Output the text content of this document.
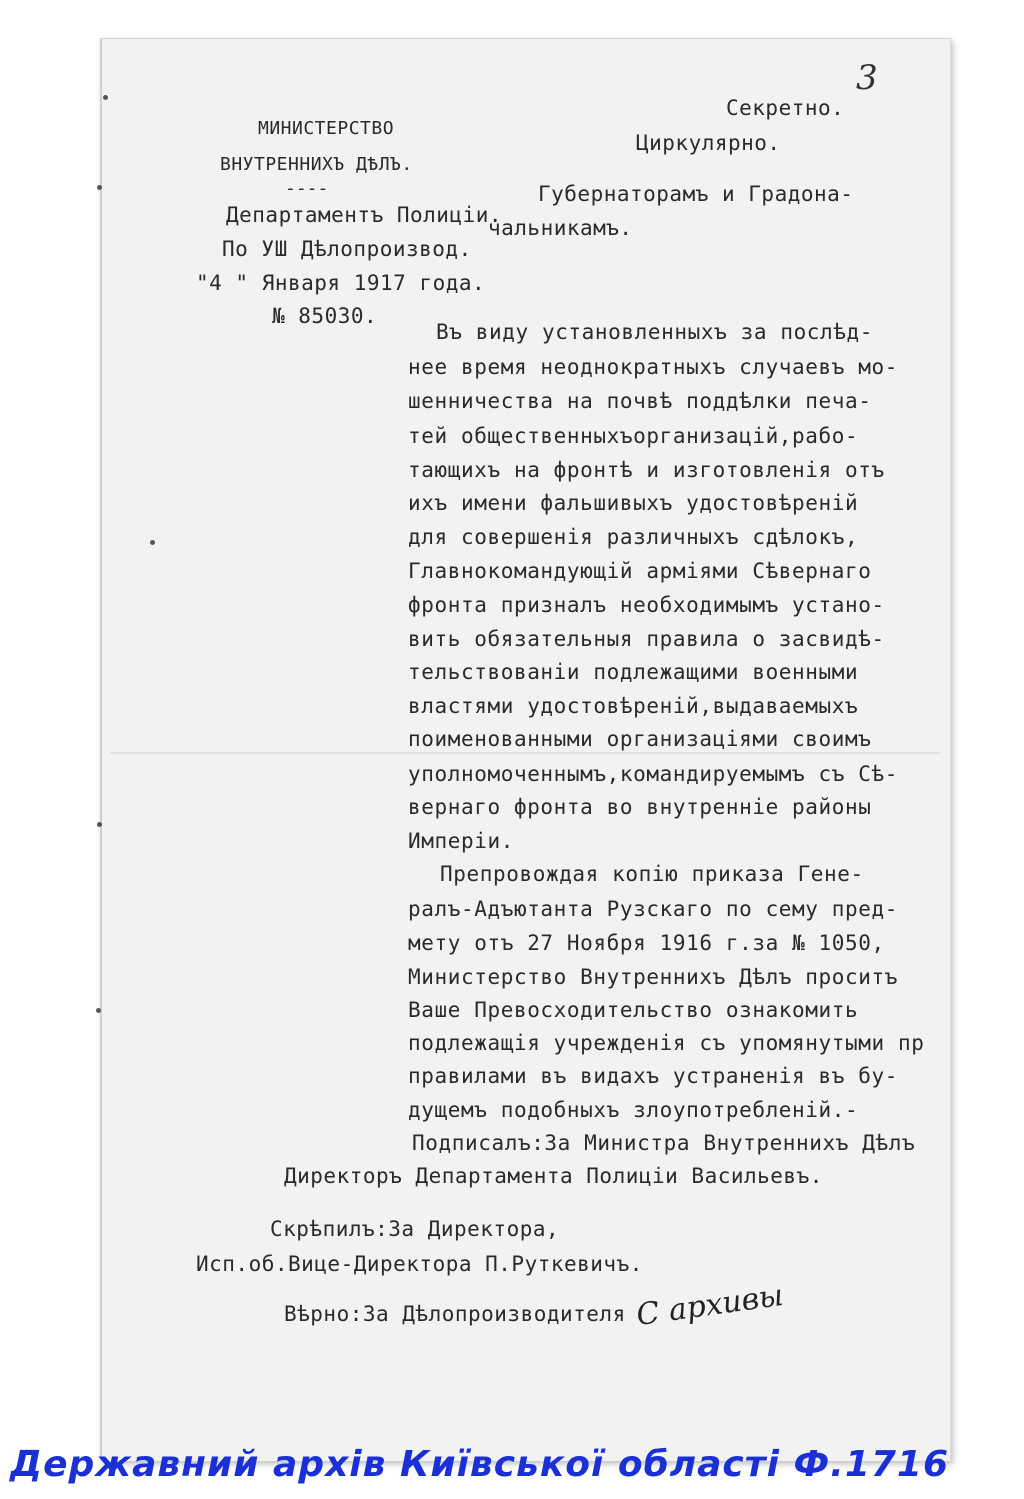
3
МИНИСТЕРСТВО
ВНУТРЕННИХЪ ДѢЛЪ.
----
Департаментъ Полиціи.
По УШ Дѣлопроизвод.
"4 " Января 1917 года.
№ 85030.
Секретно.
Циркулярно.
Губернаторамъ и Градона-
чальникамъ.
Въ виду установленныхъ за послѣд-
нее время неоднократныхъ случаевъ мо-
шенничества на почвѣ поддѣлки печа-
тей общественныхъорганизацій,рабо-
тающихъ на фронтѣ и изготовленія отъ
ихъ имени фальшивыхъ удостовѣреній
для совершенія различныхъ сдѣлокъ,
Главнокомандующій арміями Сѣвернаго
фронта призналъ необходимымъ устано-
вить обязательныя правила о засвидѣ-
тельствованіи подлежащими военными
властями удостовѣреній,выдаваемыхъ
поименованными организаціями своимъ
уполномоченнымъ,командируемымъ съ Сѣ-
вернаго фронта во внутренніе районы
Имперіи.
Препровождая копію приказа Гене-
ралъ-Адъютанта Рузскаго по сему пред-
мету отъ 27 Ноября 1916 г.за № 1050,
Министерство Внутреннихъ Дѣлъ проситъ
Ваше Превосходительство ознакомить
подлежащія учрежденія съ упомянутыми пр
правилами въ видахъ устраненія въ бу-
дущемъ подобныхъ злоупотребленій.-
Подписалъ:За Министра Внутреннихъ Дѣлъ
Директоръ Департамента Полиціи Васильевъ.
Скрѣпилъ:За Директора,
Исп.об.Вице-Директора П.Руткевичъ.
Вѣрно:За Дѣлопроизводителя С архивы
Державний архів Київської області Ф.1716
